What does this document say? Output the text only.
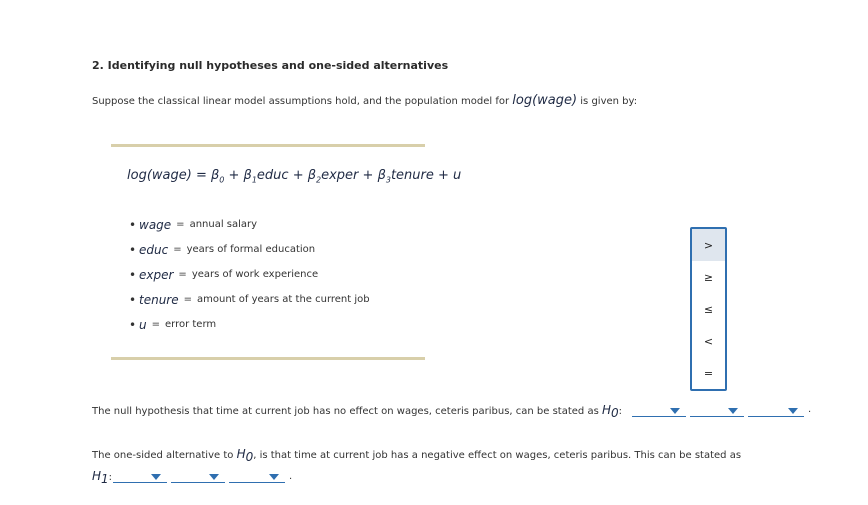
2. Identifying null hypotheses and one-sided alternatives
Suppose the classical linear model assumptions hold, and the population model for log(wage) is given by:
log(wage) = $\beta_0$ + $\beta_1educ$ + $\beta_2exper$ + $\beta_3tenure + u$
• wage = annual salary
• educ = years of formal education
• exper = years of work experience
• tenure = amount of years at the current job
• u = error term
The null hypothesis that time at current job has no effect on wages, ceteris paribus, can be stated as $H_0$:	.
The one-sided alternative to $H_0$, is that time at current job has a negative effect on wages, ceteris paribus. This can be stated as
$H_1$:	.
>
≥
≤
<
=
